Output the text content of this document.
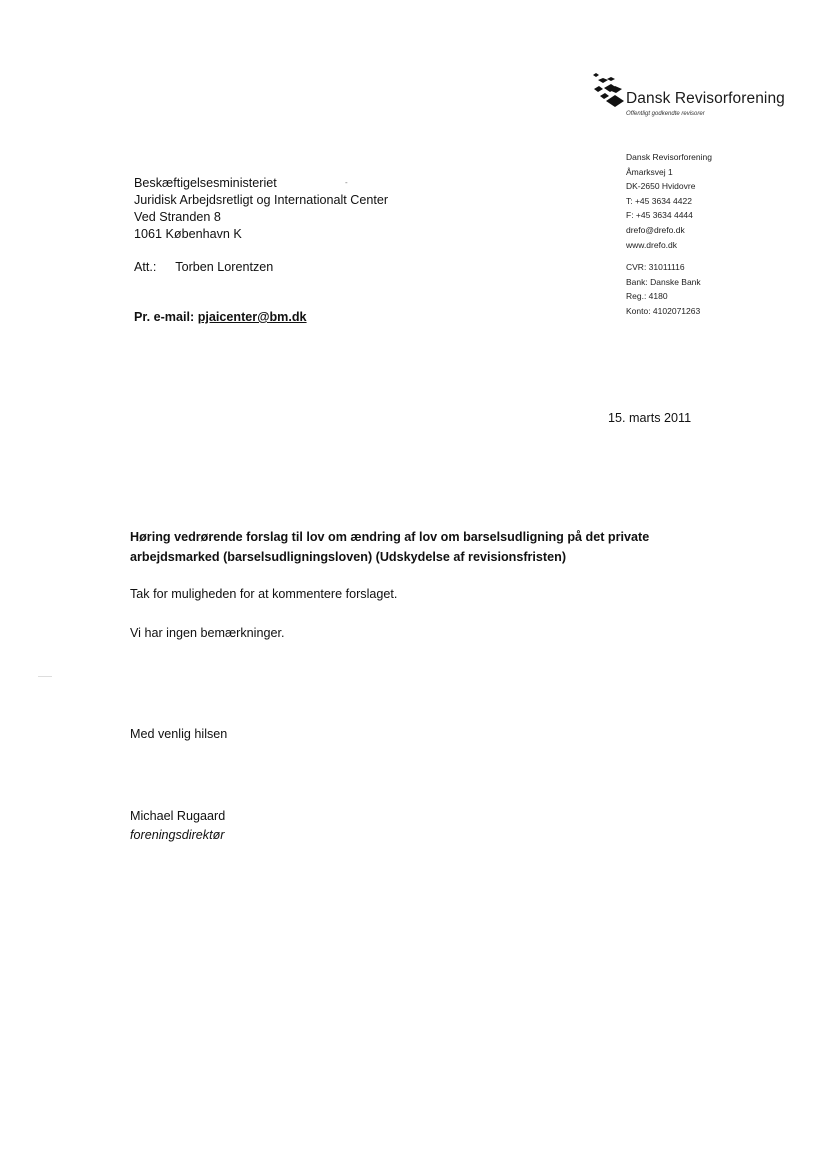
Dansk Revisorforening
Offentligt godkendte revisorer
Dansk Revisorforening
Åmarksvej 1
DK-2650 Hvidovre
T: +45 3634 4422
F: +45 3634 4444
drefo@drefo.dk
www.drefo.dk
CVR: 31011116
Bank: Danske Bank
Reg.: 4180
Konto: 4102071263
Beskæftigelsesministeriet
Juridisk Arbejdsretligt og Internationalt Center
Ved Stranden 8
1061 København K
Att.: Torben Lorentzen
-
Pr. e-mail: pjaicenter@bm.dk
15. marts 2011
Høring vedrørende forslag til lov om ændring af lov om barselsudligning på det private
arbejdsmarked (barselsudligningsloven) (Udskydelse af revisionsfristen)
Tak for muligheden for at kommentere forslaget.
Vi har ingen bemærkninger.
Med venlig hilsen
Michael Rugaard
foreningsdirektør
